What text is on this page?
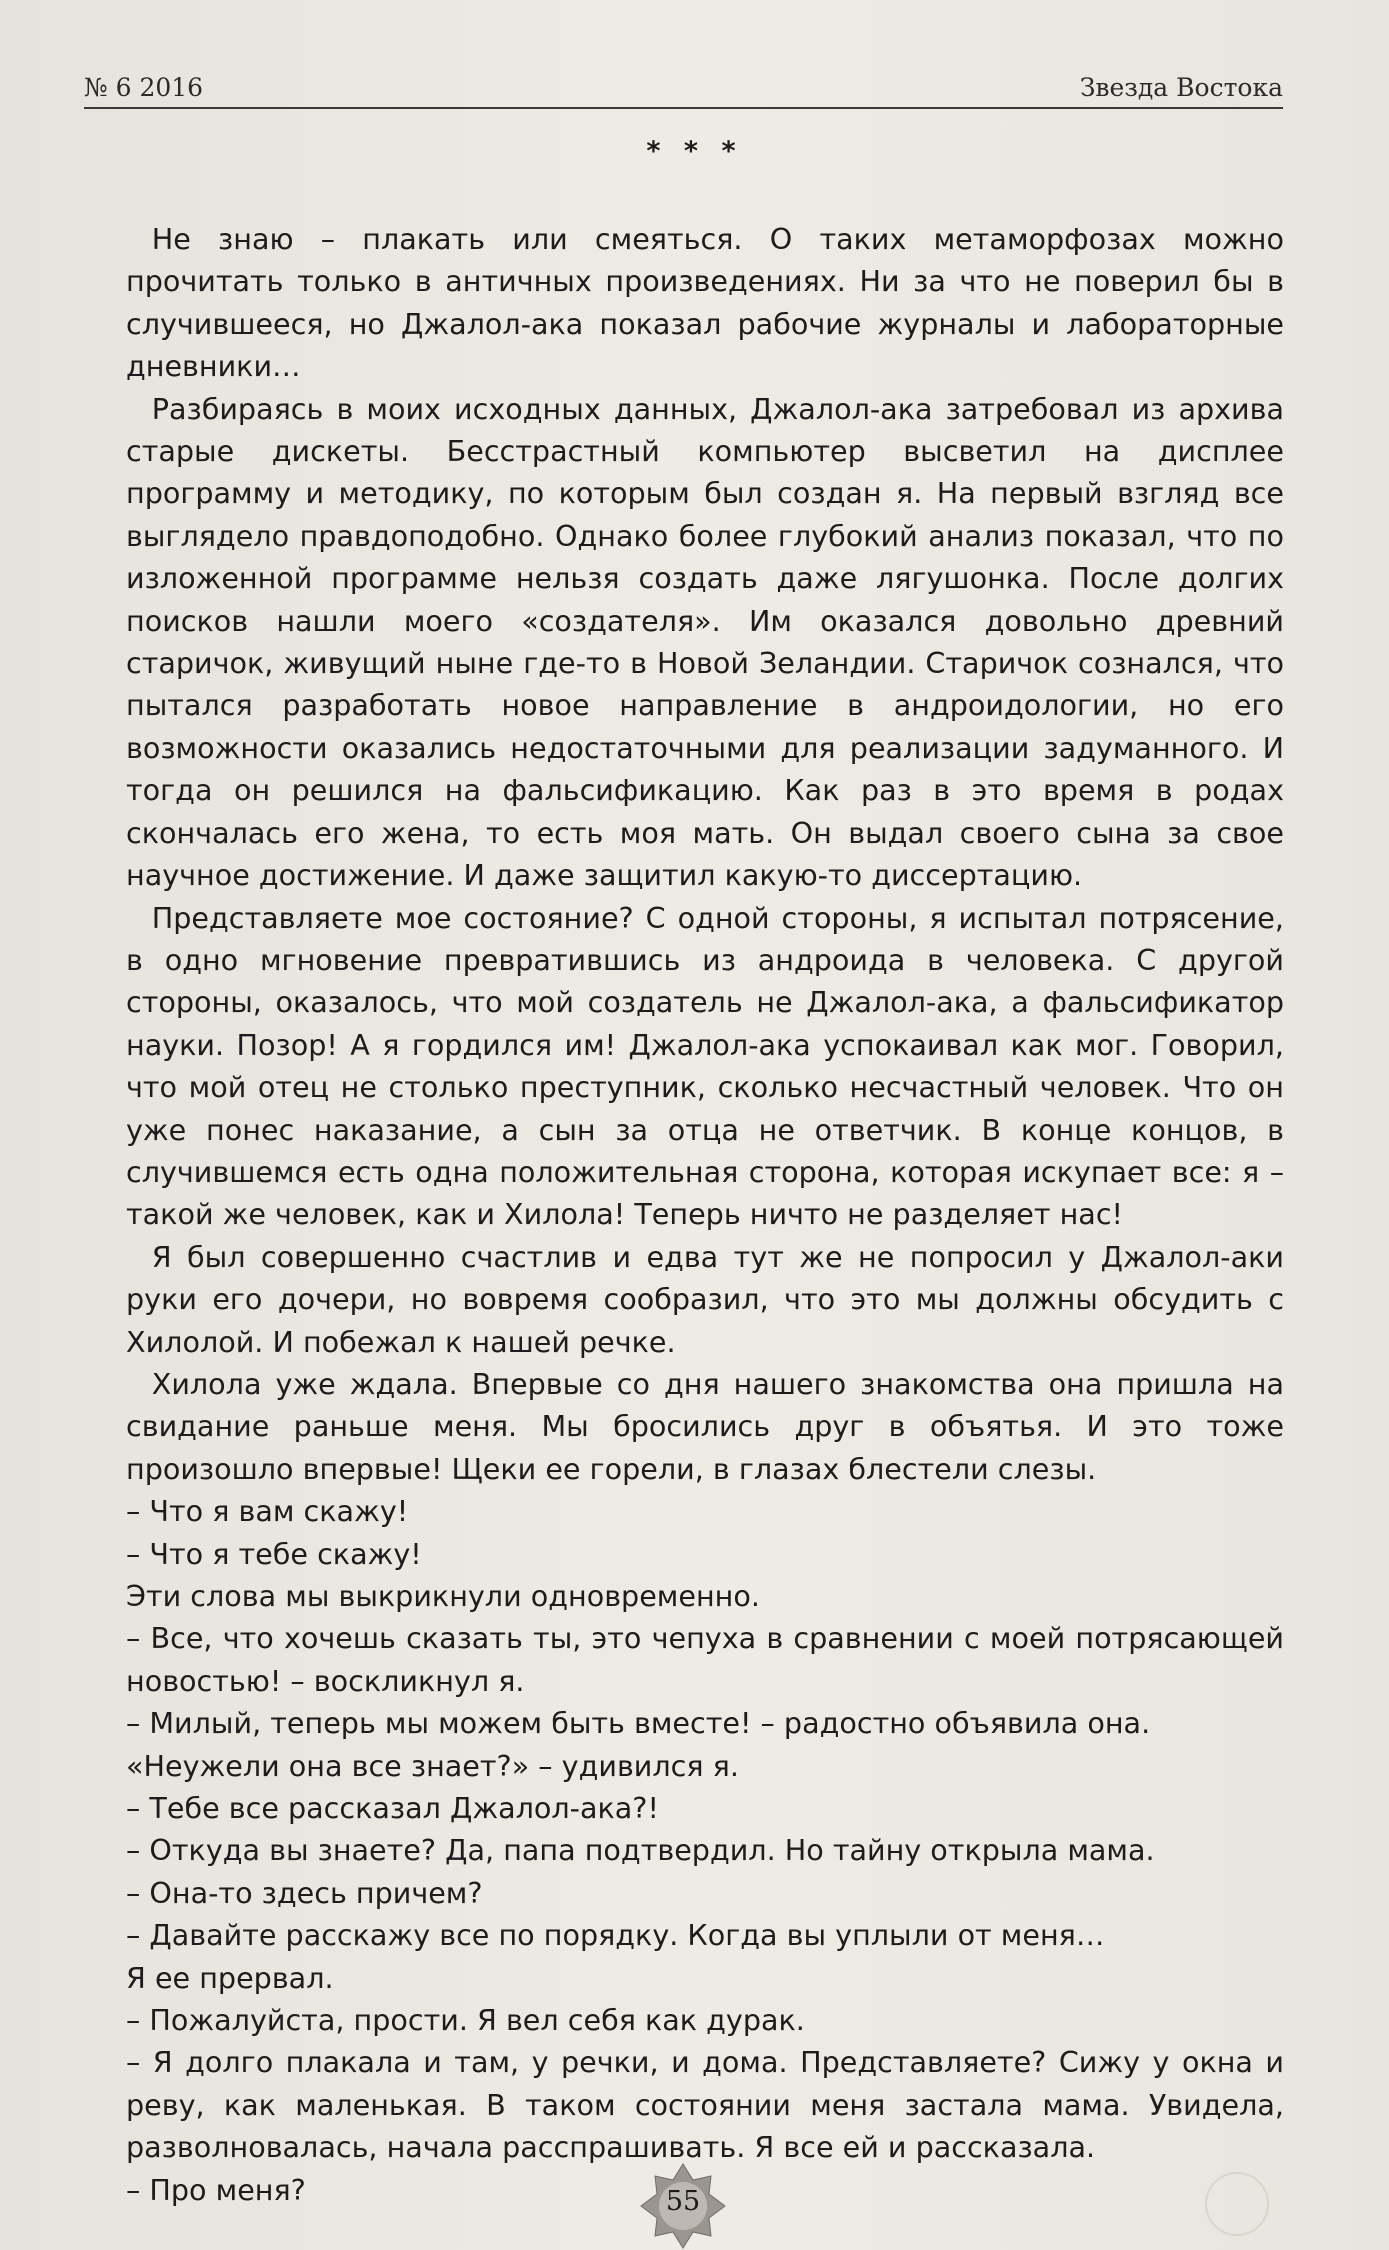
№ 6 2016	Звезда Востока
* * *

Не знаю – плакать или смеяться. О таких метаморфозах можно прочитать только в античных произведениях. Ни за что не поверил бы в случившееся, но Джалол-ака показал рабочие журналы и лабораторные дневники…

Разбираясь в моих исходных данных, Джалол-ака затребовал из архива старые дискеты. Бесстрастный компьютер высветил на дисплее программу и методику, по которым был создан я. На первый взгляд все выглядело правдоподобно. Однако более глубокий анализ показал, что по изложенной программе нельзя создать даже лягушонка. После долгих поисков нашли моего «создателя». Им оказался довольно древний старичок, живущий ныне где-то в Новой Зеландии. Старичок сознался, что пытался разработать новое направление в андроидологии, но его возможности оказались недостаточными для реализации задуманного. И тогда он решился на фальсификацию. Как раз в это время в родах скончалась его жена, то есть моя мать. Он выдал своего сына за свое научное достижение. И даже защитил какую-то диссертацию.

Представляете мое состояние? С одной стороны, я испытал потрясение, в одно мгновение превратившись из андроида в человека. С другой стороны, оказалось, что мой создатель не Джалол-ака, а фальсификатор науки. Позор! А я гордился им! Джалол-ака успокаивал как мог. Говорил, что мой отец не столько преступник, сколько несчастный человек. Что он уже понес наказание, а сын за отца не ответчик. В конце концов, в случившемся есть одна положительная сторона, которая искупает все: я – такой же человек, как и Хилола! Теперь ничто не разделяет нас!

Я был совершенно счастлив и едва тут же не попросил у Джалол-аки руки его дочери, но вовремя сообразил, что это мы должны обсудить с Хилолой. И побежал к нашей речке.

Хилола уже ждала. Впервые со дня нашего знакомства она пришла на свидание раньше меня. Мы бросились друг в объятья. И это тоже произошло впервые! Щеки ее горели, в глазах блестели слезы.

– Что я вам скажу!

– Что я тебе скажу!

Эти слова мы выкрикнули одновременно.

– Все, что хочешь сказать ты, это чепуха в сравнении с моей потрясающей новостью! – воскликнул я.

– Милый, теперь мы можем быть вместе! – радостно объявила она.

«Неужели она все знает?» – удивился я.

– Тебе все рассказал Джалол-ака?!

– Откуда вы знаете? Да, папа подтвердил. Но тайну открыла мама.

– Она-то здесь причем?

– Давайте расскажу все по порядку. Когда вы уплыли от меня…

Я ее прервал.

– Пожалуйста, прости. Я вел себя как дурак.

– Я долго плакала и там, у речки, и дома. Представляете? Сижу у окна и реву, как маленькая. В таком состоянии меня застала мама. Увидела, разволновалась, начала расспрашивать. Я все ей и рассказала.

– Про меня?	55
